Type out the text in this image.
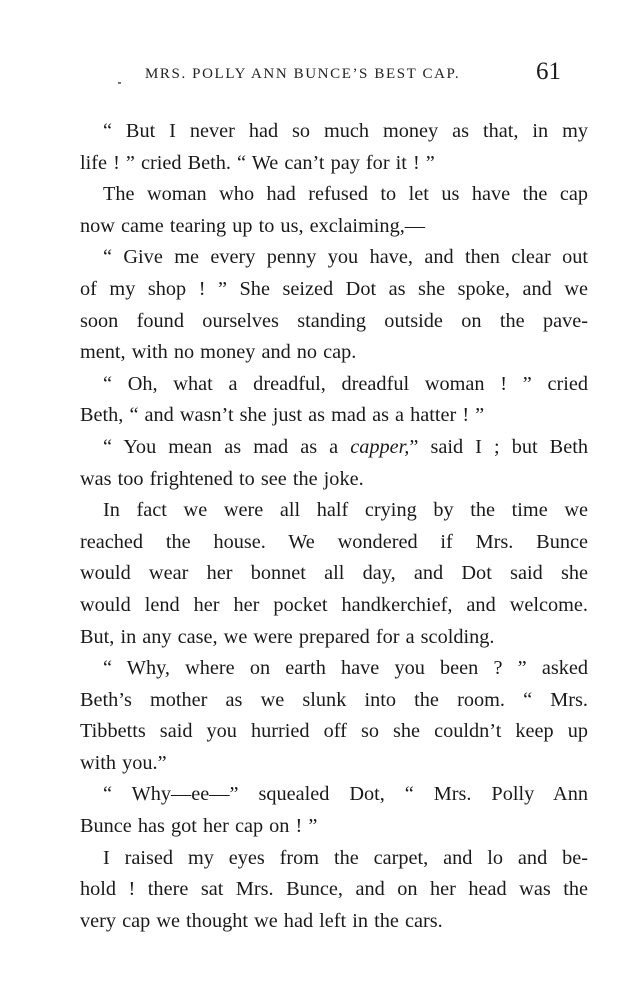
MRS. POLLY ANN BUNCE’S BEST CAP.	61
“ But I never had so much money as that, in my
life ! ” cried Beth. “ We can’t pay for it ! ”
The woman who had refused to let us have the cap
now came tearing up to us, exclaiming,—
“ Give me every penny you have, and then clear out
of my shop ! ” She seized Dot as she spoke, and we
soon found ourselves standing outside on the pave-
ment, with no money and no cap.
“ Oh, what a dreadful, dreadful woman ! ” cried
Beth, “ and wasn’t she just as mad as a hatter ! ”
“ You mean as mad as a capper,” said I ; but Beth
was too frightened to see the joke.
In fact we were all half crying by the time we
reached the house. We wondered if Mrs. Bunce
would wear her bonnet all day, and Dot said she
would lend her her pocket handkerchief, and welcome.
But, in any case, we were prepared for a scolding.
“ Why, where on earth have you been ? ” asked
Beth’s mother as we slunk into the room. “ Mrs.
Tibbetts said you hurried off so she couldn’t keep up
with you.”
“ Why—ee—” squealed Dot, “ Mrs. Polly Ann
Bunce has got her cap on ! ”
I raised my eyes from the carpet, and lo and be-
hold ! there sat Mrs. Bunce, and on her head was the
very cap we thought we had left in the cars.
